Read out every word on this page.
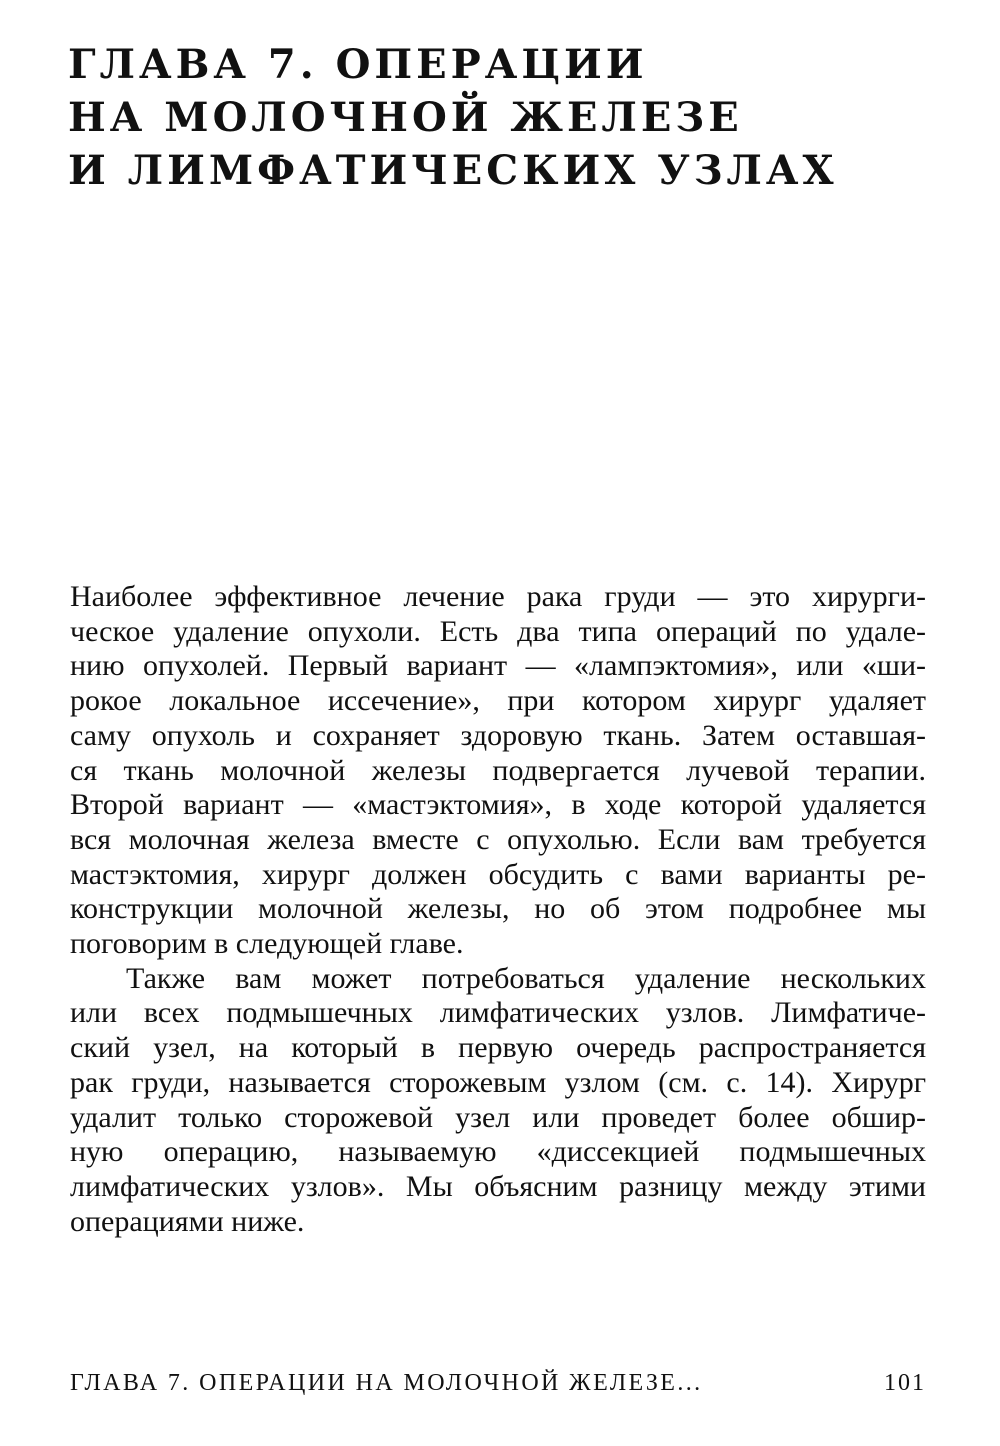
ГЛАВА 7. ОПЕРАЦИИ
НА МОЛОЧНОЙ ЖЕЛЕЗЕ
И ЛИМФАТИЧЕСКИХ УЗЛАХ

Наиболее эффективное лечение рака груди — это хирурги-
ческое удаление опухоли. Есть два типа операций по удале-
нию опухолей. Первый вариант — «лампэктомия», или «ши-
рокое локальное иссечение», при котором хирург удаляет
саму опухоль и сохраняет здоровую ткань. Затем оставшая-
ся ткань молочной железы подвергается лучевой терапии.
Второй вариант — «мастэктомия», в ходе которой удаляется
вся молочная железа вместе с опухолью. Если вам требуется
мастэктомия, хирург должен обсудить с вами варианты ре-
конструкции молочной железы, но об этом подробнее мы
поговорим в следующей главе.

Также вам может потребоваться удаление нескольких
или всех подмышечных лимфатических узлов. Лимфатиче-
ский узел, на который в первую очередь распространяется
рак груди, называется сторожевым узлом (см. с. 14). Хирург
удалит только сторожевой узел или проведет более обшир-
ную операцию, называемую «диссекцией подмышечных
лимфатических узлов». Мы объясним разницу между этими
операциями ниже.

ГЛАВА 7. ОПЕРАЦИИ НА МОЛОЧНОЙ ЖЕЛЕЗЕ...	101
